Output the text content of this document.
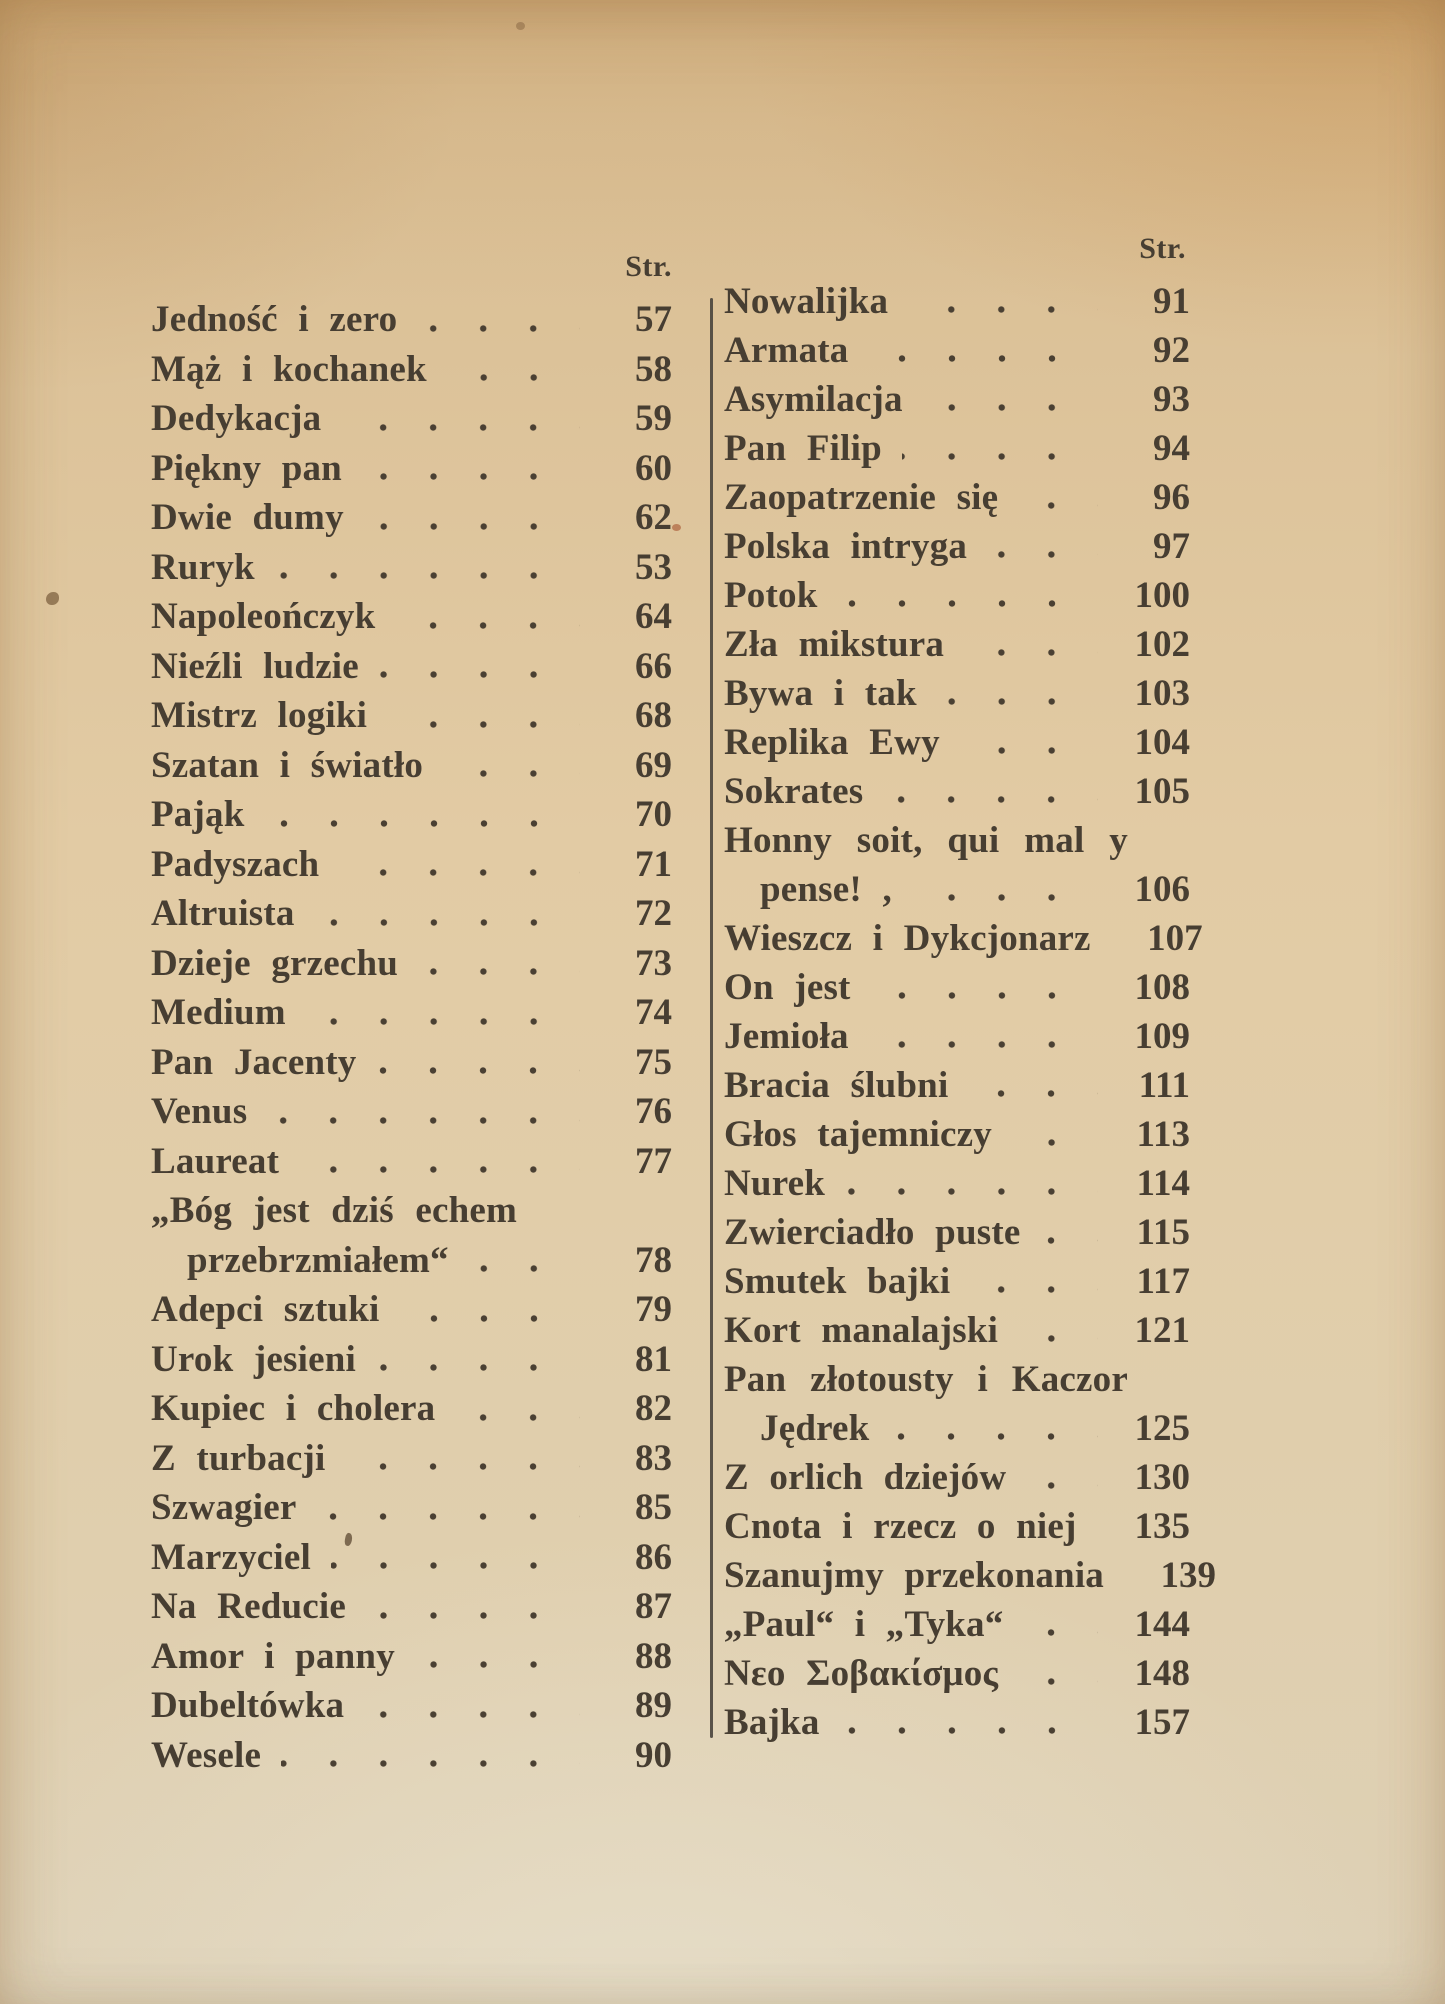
Str.
Jedność i zero	57
Mąż i kochanek	58
Dedykacja	59
Piękny pan	60
Dwie dumy	62
Ruryk	53
Napoleończyk	64
Nieźli ludzie	66
Mistrz logiki	68
Szatan i światło	69
Pająk	70
Padyszach	71
Altruista	72
Dzieje grzechu	73
Medium	74
Pan Jacenty	75
Venus	76
Laureat	77
„Bóg jest dziś echem
przebrzmiałem“	78
Adepci sztuki	79
Urok jesieni	81
Kupiec i cholera	82
Z turbacji	83
Szwagier	85
Marzyciel	86
Na Reducie	87
Amor i panny	88
Dubeltówka	89
Wesele	90
Str.
Nowalijka	91
Armata	92
Asymilacja	93
Pan Filip	94
Zaopatrzenie się	96
Polska intryga	97
Potok	100
Zła mikstura	102
Bywa i tak	103
Replika Ewy	104
Sokrates	105
Honny soit, qui mal y
pense! ,	106
Wieszcz i Dykcjonarz	107
On jest	108
Jemioła	109
Bracia ślubni	111
Głos tajemniczy	113
Nurek	114
Zwierciadło puste	115
Smutek bajki	117
Kort manalajski	121
Pan złotousty i Kaczor
Jędrek	125
Z orlich dziejów	130
Cnota i rzecz o niej	135
Szanujmy przekonania	139
„Paul“ i „Tyka“	144
Νεο Σοβακίσμος	148
Bajka	157
